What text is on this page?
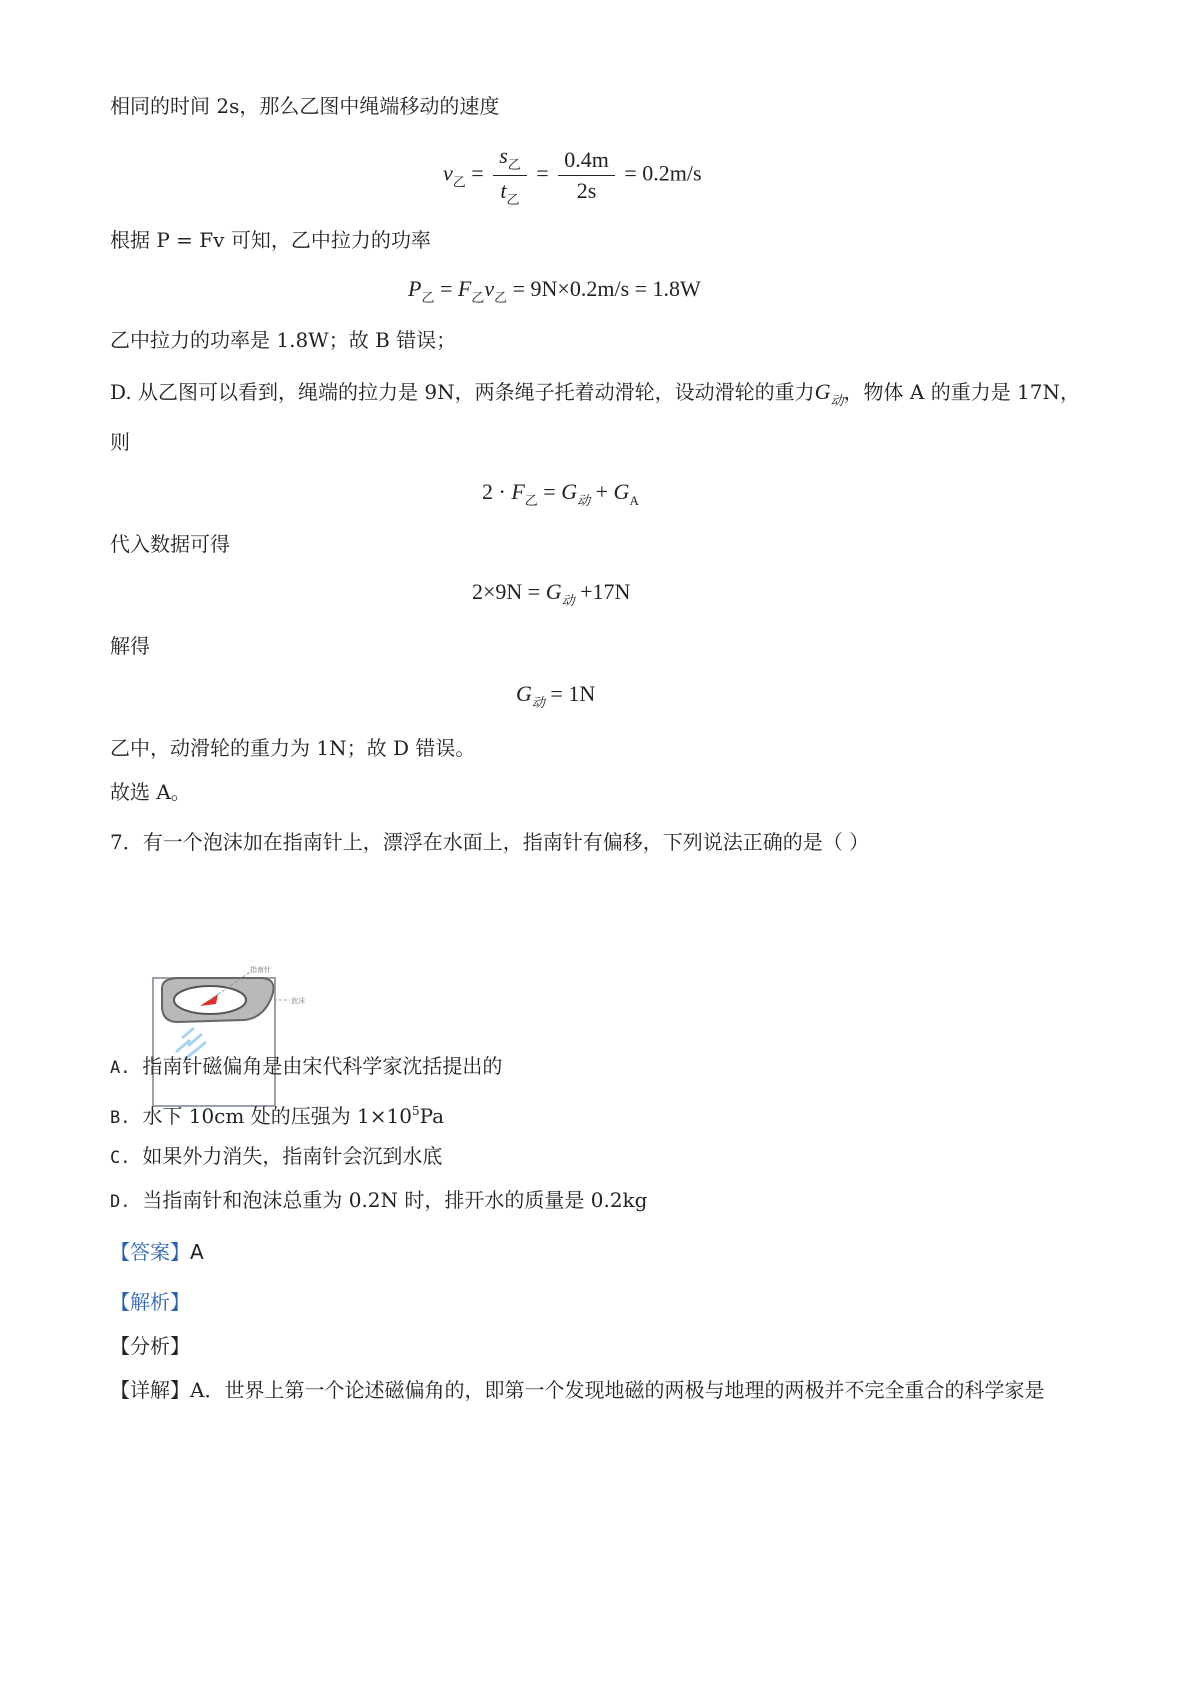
相同的时间 2s，那么乙图中绳端移动的速度
$v_乙 = \frac{s_乙}{t_乙} = \frac{0.4m}{2s} = 0.2m/s$
根据 P = Fv 可知，乙中拉力的功率
$P_乙 = F_乙v_乙 = 9N\times 0.2m/s = 1.8W$
乙中拉力的功率是 1.8W；故 B 错误；
D. 从乙图可以看到，绳端的拉力是 9N，两条绳子托着动滑轮，设动滑轮的重力$G_动$，物体 A 的重力是 17N，
则
$2 \cdot F_乙 = G_动 + G_A$
代入数据可得
$2\times 9N = G_动 +17N$
解得
$G_动 = 1N$
乙中，动滑轮的重力为 1N；故 D 错误。
故选 A。
7．有一个泡沫加在指南针上，漂浮在水面上，指南针有偏移，下列说法正确的是（ ）
指南针
泡沫
A. 指南针磁偏角是由宋代科学家沈括提出的
B. 水下 10cm 处的压强为 $1\times 10^5Pa$
C. 如果外力消失，指南针会沉到水底
D. 当指南针和泡沫总重为 0.2N 时，排开水的质量是 0.2kg
【答案】A
【解析】
【分析】
【详解】A．世界上第一个论述磁偏角的，即第一个发现地磁的两极与地理的两极并不完全重合的科学家是
